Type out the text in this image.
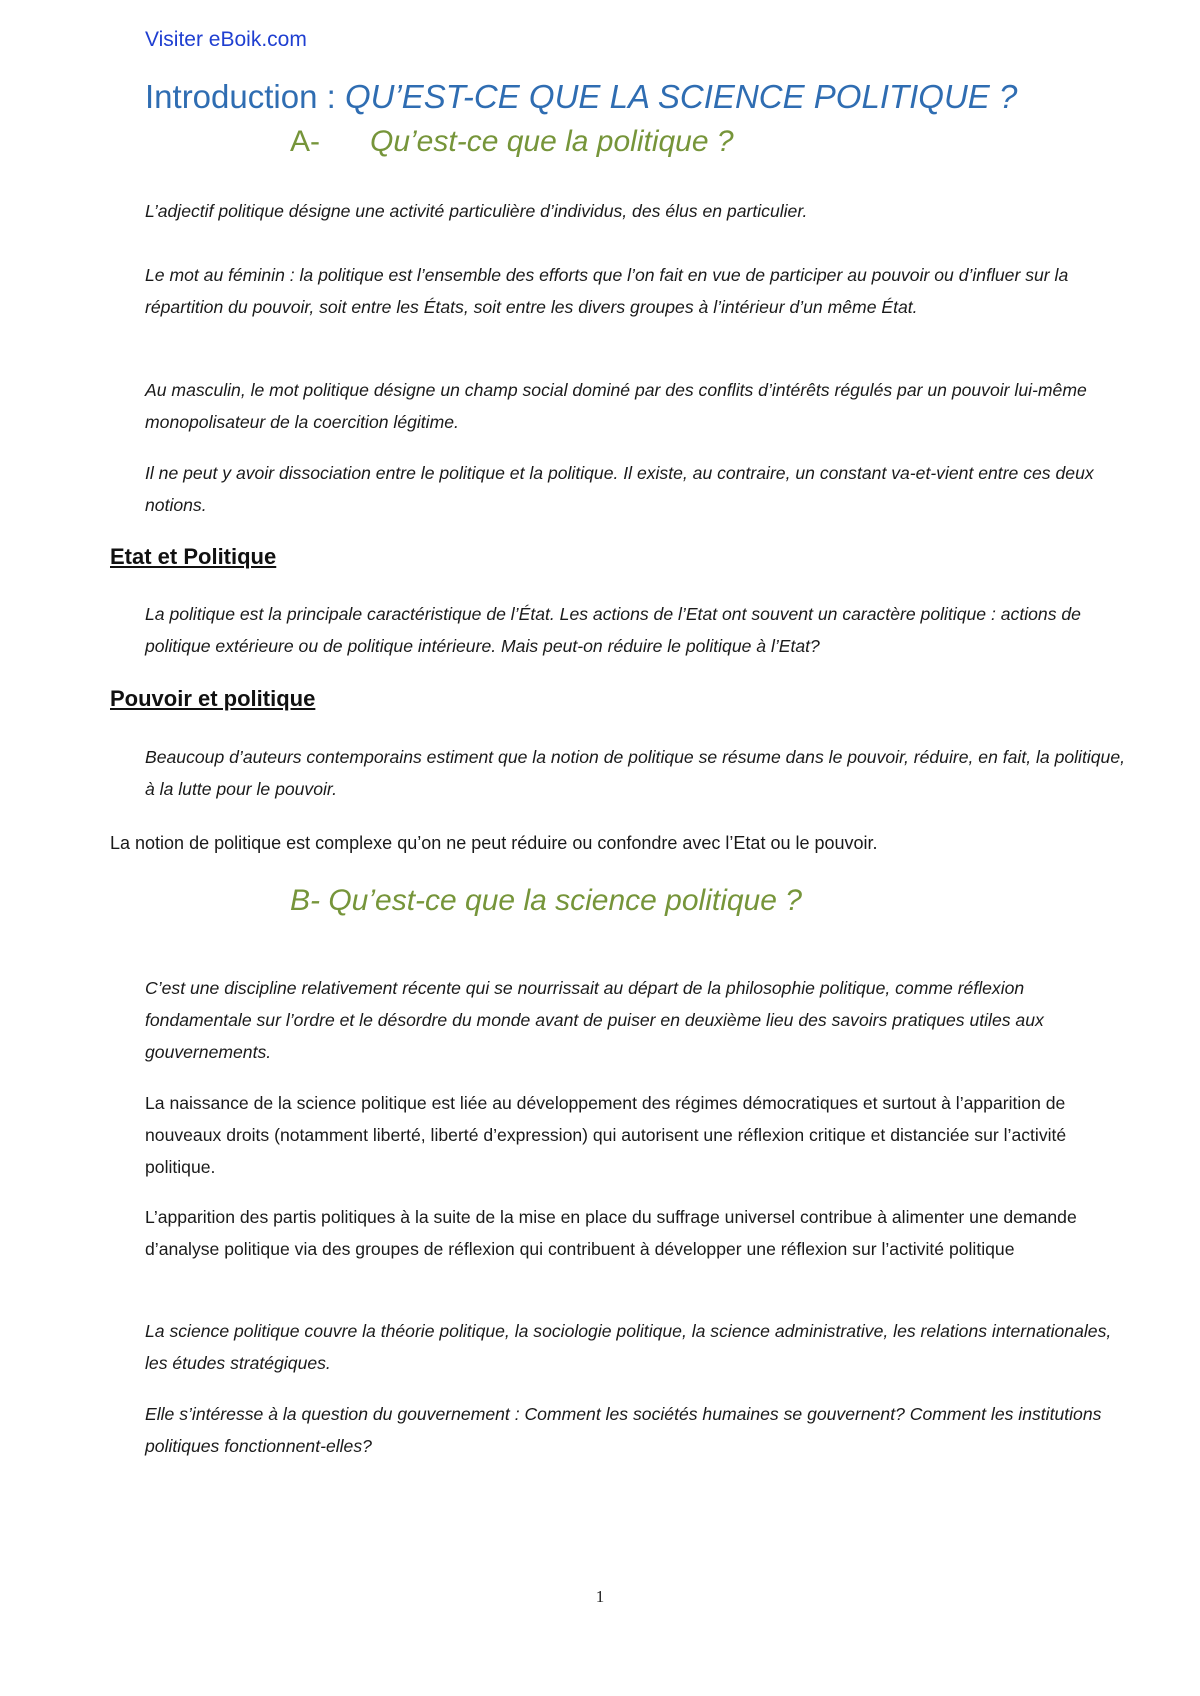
Visiter eBoik.com
Introduction : QU’EST-CE QUE LA SCIENCE POLITIQUE ?
A- Qu’est-ce que la politique ?

L’adjectif politique désigne une activité particulière d’individus, des élus en particulier.

Le mot au féminin : la politique est l’ensemble des efforts que l’on fait en vue de participer au pouvoir ou d’influer sur la répartition du pouvoir, soit entre les États, soit entre les divers groupes à l’intérieur d’un même État.

Au masculin, le mot politique désigne un champ social dominé par des conflits d’intérêts régulés par un pouvoir lui-même monopolisateur de la coercition légitime.

Il ne peut y avoir dissociation entre le politique et la politique. Il existe, au contraire, un constant va-et-vient entre ces deux notions.

Etat et Politique

La politique est la principale caractéristique de l’État. Les actions de l’Etat ont souvent un caractère politique : actions de politique extérieure ou de politique intérieure. Mais peut-on réduire le politique à l’Etat?

Pouvoir et politique

Beaucoup d’auteurs contemporains estiment que la notion de politique se résume dans le pouvoir, réduire, en fait, la politique, à la lutte pour le pouvoir.

La notion de politique est complexe qu’on ne peut réduire ou confondre avec l’Etat ou le pouvoir.

B- Qu’est-ce que la science politique ?

C’est une discipline relativement récente qui se nourrissait au départ de la philosophie politique, comme réflexion fondamentale sur l’ordre et le désordre du monde avant de puiser en deuxième lieu des savoirs pratiques utiles aux gouvernements.

La naissance de la science politique est liée au développement des régimes démocratiques et surtout à l’apparition de nouveaux droits (notamment liberté, liberté d’expression) qui autorisent une réflexion critique et distanciée sur l’activité politique.

L’apparition des partis politiques à la suite de la mise en place du suffrage universel contribue à alimenter une demande d’analyse politique via des groupes de réflexion qui contribuent à développer une réflexion sur l’activité politique

La science politique couvre la théorie politique, la sociologie politique, la science administrative, les relations internationales, les études stratégiques.

Elle s’intéresse à la question du gouvernement : Comment les sociétés humaines se gouvernent? Comment les institutions politiques fonctionnent-elles?

1
